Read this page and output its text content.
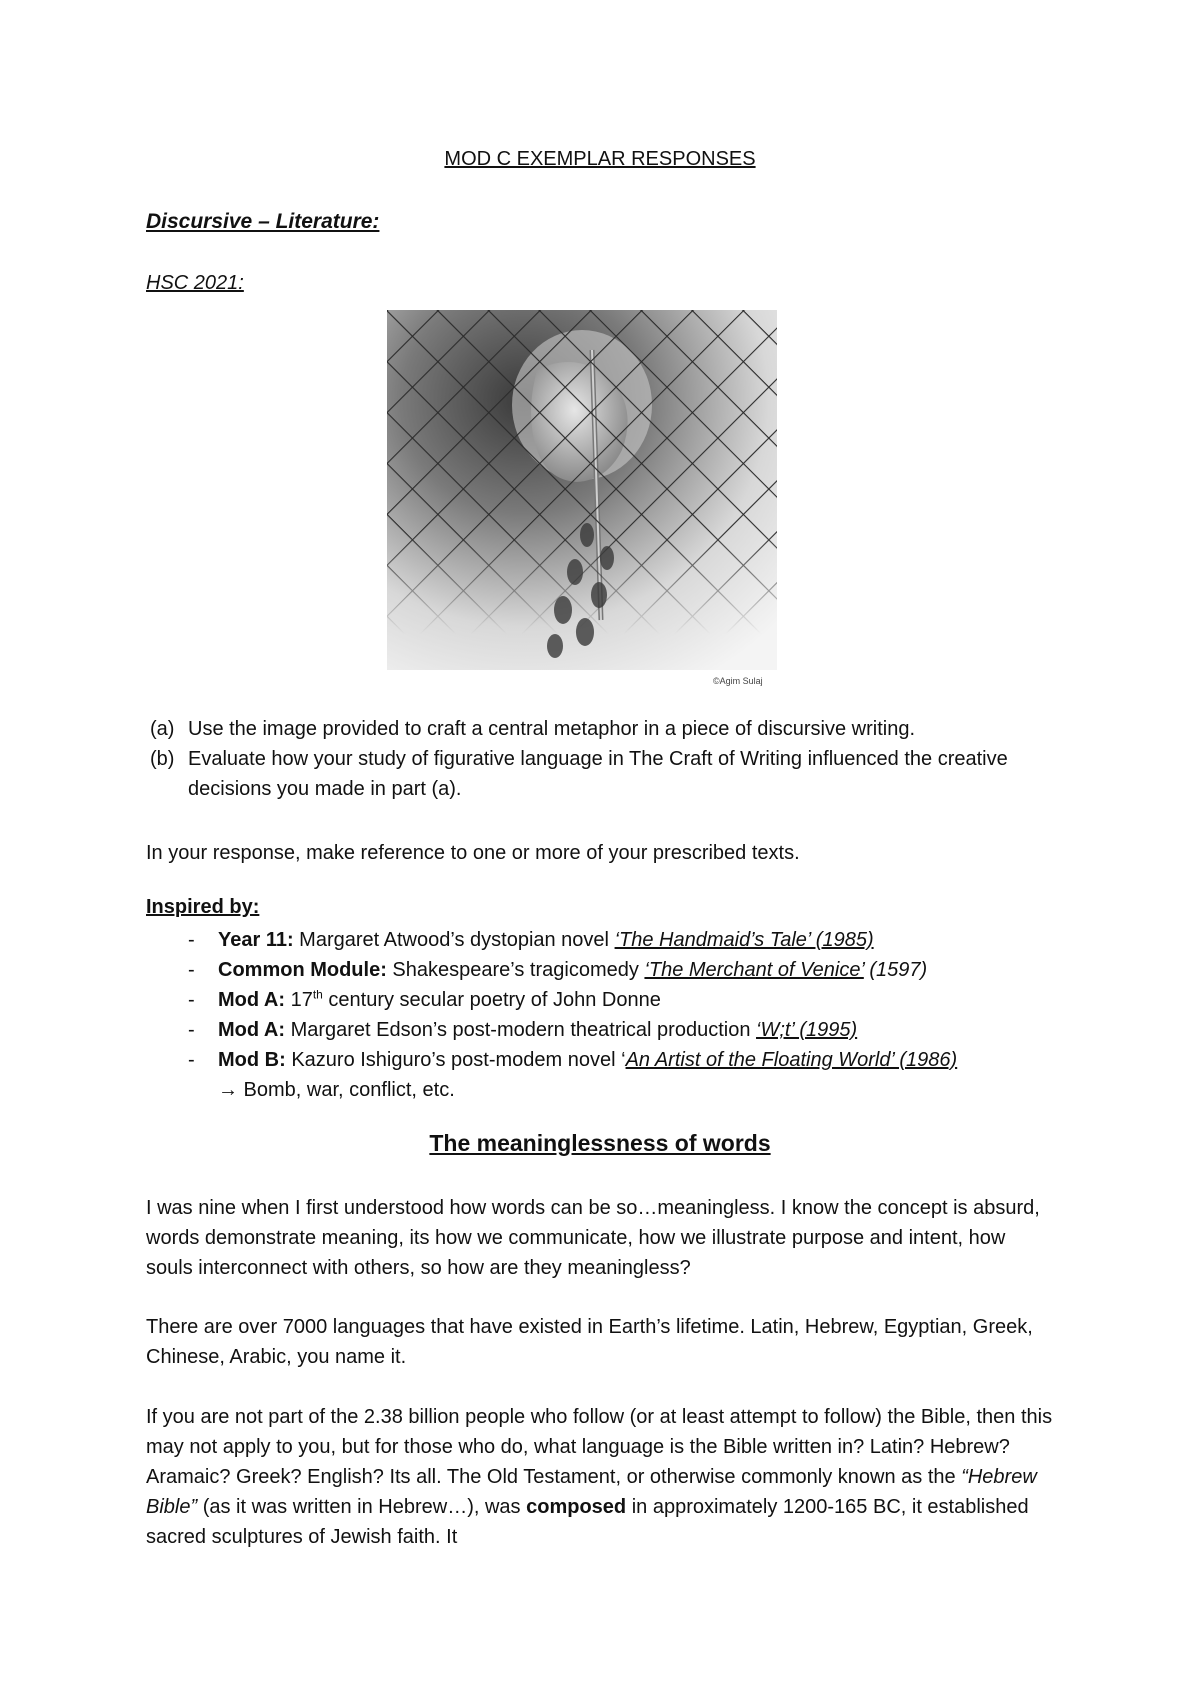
MOD C EXEMPLAR RESPONSES
Discursive – Literature:
HSC 2021:
©Agim Sulaj
(a) Use the image provided to craft a central metaphor in a piece of discursive writing.
(b) Evaluate how your study of figurative language in The Craft of Writing influenced the creative decisions you made in part (a).
In your response, make reference to one or more of your prescribed texts.
Inspired by:
- Year 11: Margaret Atwood’s dystopian novel ‘The Handmaid’s Tale’ (1985)
- Common Module: Shakespeare’s tragicomedy ‘The Merchant of Venice’ (1597)
- Mod A: 17th century secular poetry of John Donne
- Mod A: Margaret Edson’s post-modern theatrical production ‘W;t’ (1995)
- Mod B: Kazuro Ishiguro’s post-modem novel ‘An Artist of the Floating World’ (1986)
→ Bomb, war, conflict, etc.
The meaninglessness of words
I was nine when I first understood how words can be so…meaningless. I know the concept is absurd, words demonstrate meaning, its how we communicate, how we illustrate purpose and intent, how souls interconnect with others, so how are they meaningless?
There are over 7000 languages that have existed in Earth’s lifetime. Latin, Hebrew, Egyptian, Greek, Chinese, Arabic, you name it.
If you are not part of the 2.38 billion people who follow (or at least attempt to follow) the Bible, then this may not apply to you, but for those who do, what language is the Bible written in? Latin? Hebrew? Aramaic? Greek? English? Its all. The Old Testament, or otherwise commonly known as the “Hebrew Bible” (as it was written in Hebrew…), was composed in approximately 1200-165 BC, it established sacred sculptures of Jewish faith. It
